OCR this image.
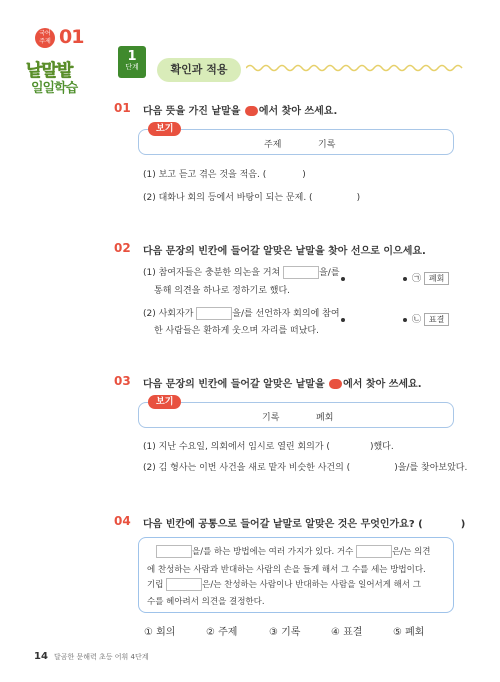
국어
주제 01
낱말밭
일일학습
1
단계	확인과 적용
01 다음 뜻을 가진 낱말을 에서 찾아 쓰세요.
보기
주제	기록
(1) 보고 듣고 겪은 것을 적음. (	)
(2) 대화나 회의 등에서 바탕이 되는 문제. (	)
02 다음 문장의 빈칸에 들어갈 알맞은 낱말을 찾아 선으로 이으세요.
(1) 참여자들은 충분한 의논을 거쳐	을/를
통해 의견을 하나로 정하기로 했다.
(2) 사회자가	을/를 선언하자 회의에 참여
한 사람들은 환하게 웃으며 자리를 떠났다.
㉠ 폐회
㉡ 표결
03 다음 문장의 빈칸에 들어갈 알맞은 낱말을 에서 찾아 쓰세요.
보기
기록	폐회
(1) 지난 수요일, 의회에서 임시로 열린 회의가 (	)했다.
(2) 김 형사는 이번 사건을 새로 맡자 비슷한 사건의 (	)을/를 찾아보았다.
04 다음 빈칸에 공통으로 들어갈 낱말로 알맞은 것은 무엇인가요? (	)
을/를 하는 방법에는 여러 가지가 있다. 거수	은/는 의견
에 찬성하는 사람과 반대하는 사람의 손을 들게 해서 그 수를 세는 방법이다.
기립	은/는 찬성하는 사람이나 반대하는 사람을 일어서게 해서 그
수를 헤아려서 의견을 결정한다.
① 회의	② 주제	③ 기록	④ 표결	⑤ 폐회
14 달곰한 문해력 초등 어휘 4단계
